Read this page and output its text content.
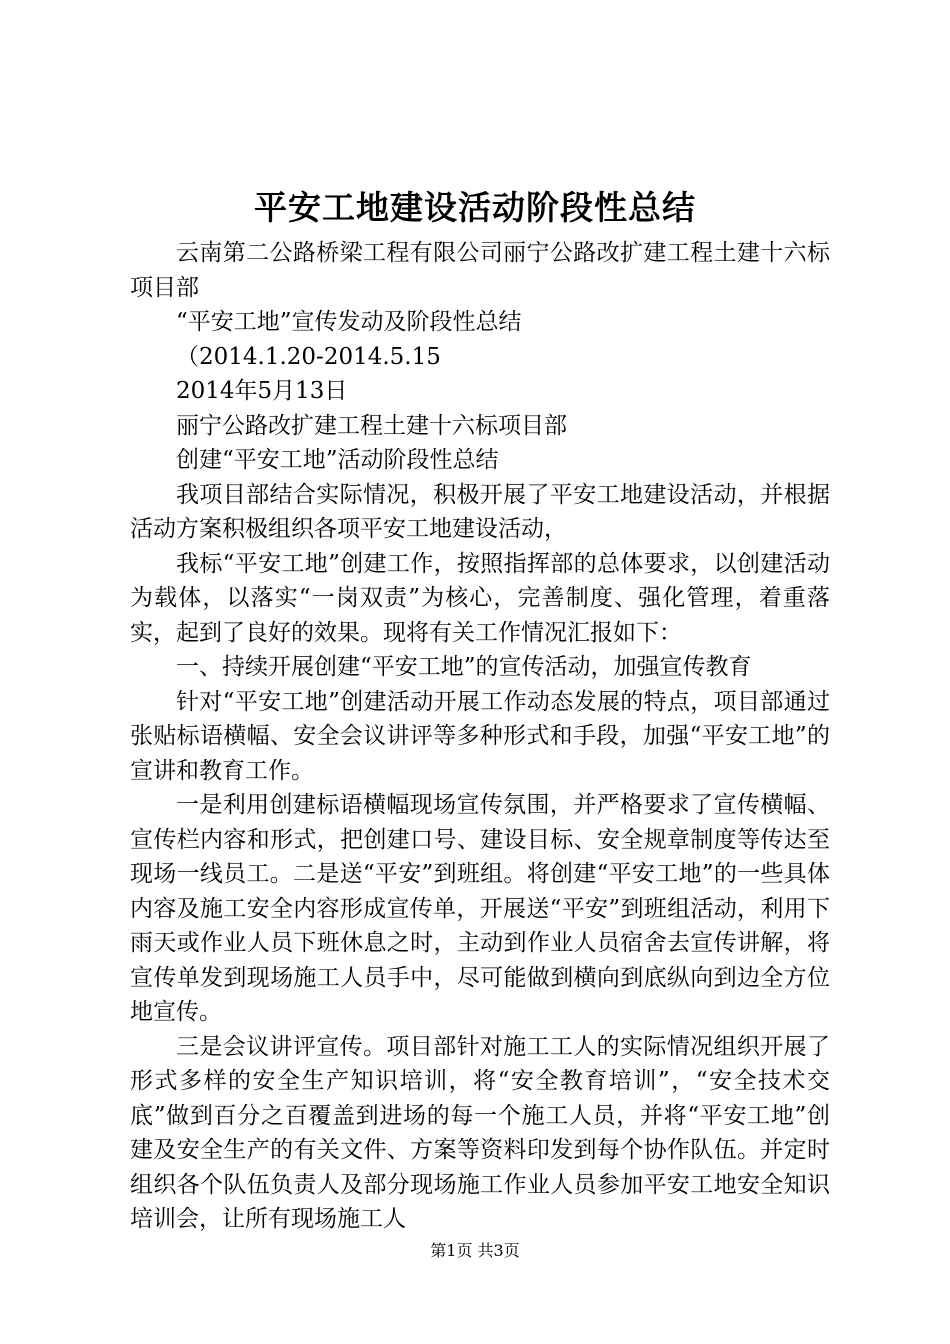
平安工地建设活动阶段性总结

云南第二公路桥梁工程有限公司丽宁公路改扩建工程土建十六标项目部

“平安工地”宣传发动及阶段性总结

（2014.1.20-2014.5.15

2014年5月13日

丽宁公路改扩建工程土建十六标项目部

创建“平安工地”活动阶段性总结

我项目部结合实际情况，积极开展了平安工地建设活动，并根据活动方案积极组织各项平安工地建设活动，

我标“平安工地”创建工作，按照指挥部的总体要求，以创建活动为载体，以落实“一岗双责”为核心，完善制度、强化管理，着重落实，起到了良好的效果。现将有关工作情况汇报如下：

一、持续开展创建“平安工地”的宣传活动，加强宣传教育

针对“平安工地”创建活动开展工作动态发展的特点，项目部通过张贴标语横幅、安全会议讲评等多种形式和手段，加强“平安工地”的宣讲和教育工作。

一是利用创建标语横幅现场宣传氛围，并严格要求了宣传横幅、宣传栏内容和形式，把创建口号、建设目标、安全规章制度等传达至现场一线员工。二是送“平安”到班组。将创建“平安工地”的一些具体内容及施工安全内容形成宣传单，开展送“平安”到班组活动，利用下雨天或作业人员下班休息之时，主动到作业人员宿舍去宣传讲解，将宣传单发到现场施工人员手中，尽可能做到横向到底纵向到边全方位地宣传。

三是会议讲评宣传。项目部针对施工工人的实际情况组织开展了形式多样的安全生产知识培训，将“安全教育培训”，“安全技术交底”做到百分之百覆盖到进场的每一个施工人员，并将“平安工地”创建及安全生产的有关文件、方案等资料印发到每个协作队伍。并定时组织各个队伍负责人及部分现场施工作业人员参加平安工地安全知识培训会，让所有现场施工人

第1页 共3页
